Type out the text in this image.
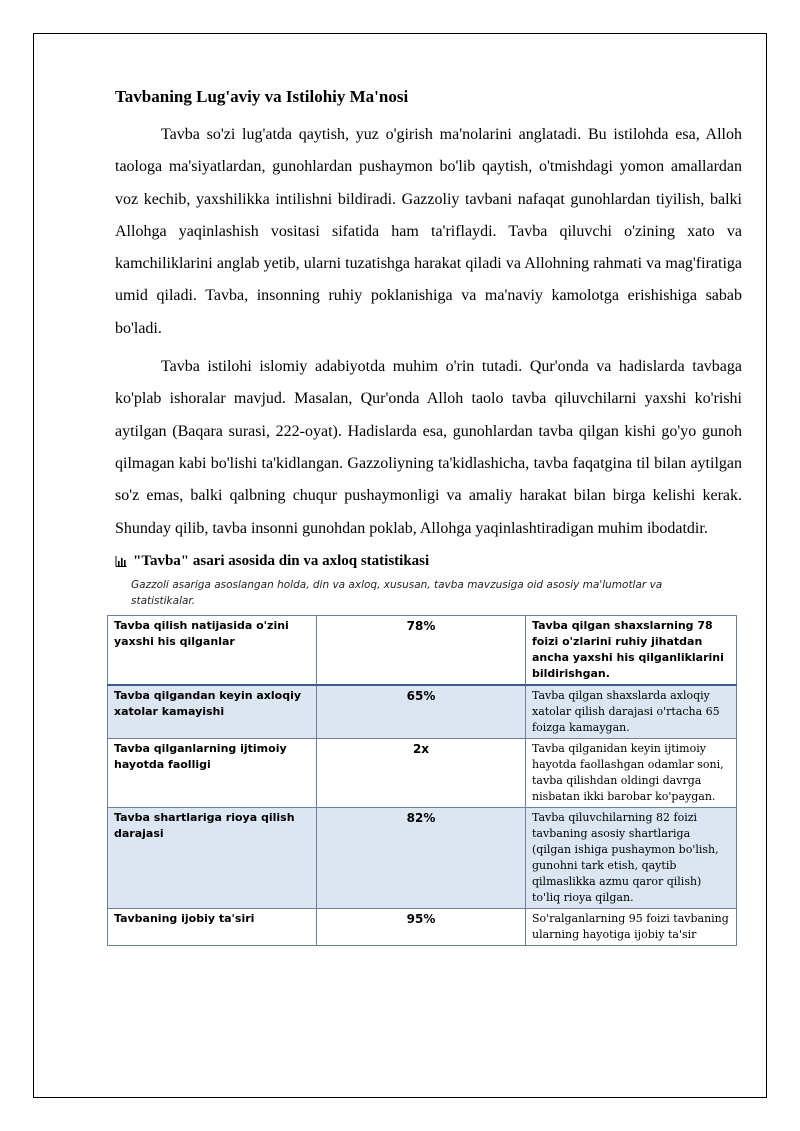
Tavbaning Lug'aviy va Istilohiy Ma'nosi

Tavba so'zi lug'atda qaytish, yuz o'girish ma'nolarini anglatadi. Bu istilohda esa, Alloh taologa ma'siyatlardan, gunohlardan pushaymon bo'lib qaytish, o'tmishdagi yomon amallardan voz kechib, yaxshilikka intilishni bildiradi. Gazzoliy tavbani nafaqat gunohlardan tiyilish, balki Allohga yaqinlashish vositasi sifatida ham ta'riflaydi. Tavba qiluvchi o'zining xato va kamchiliklarini anglab yetib, ularni tuzatishga harakat qiladi va Allohning rahmati va mag'firatiga umid qiladi. Tavba, insonning ruhiy poklanishiga va ma'naviy kamolotga erishishiga sabab bo'ladi.

Tavba istilohi islomiy adabiyotda muhim o'rin tutadi. Qur'onda va hadislarda tavbaga ko'plab ishoralar mavjud. Masalan, Qur'onda Alloh taolo tavba qiluvchilarni yaxshi ko'rishi aytilgan (Baqara surasi, 222-oyat). Hadislarda esa, gunohlardan tavba qilgan kishi go'yo gunoh qilmagan kabi bo'lishi ta'kidlangan. Gazzoliyning ta'kidlashicha, tavba faqatgina til bilan aytilgan so'z emas, balki qalbning chuqur pushaymonligi va amaliy harakat bilan birga kelishi kerak. Shunday qilib, tavba insonni gunohdan poklab, Allohga yaqinlashtiradigan muhim ibodatdir.

"Tavba" asari asosida din va axloq statistikasi
Gazzoli asariga asoslangan holda, din va axloq, xususan, tavba mavzusiga oid asosiy ma'lumotlar va statistikalar.
Tavba qilish natijasida o'zini yaxshi his qilganlar	78%	Tavba qilgan shaxslarning 78 foizi o'zlarini ruhiy jihatdan ancha yaxshi his qilganliklarini bildirishgan.
Tavba qilgandan keyin axloqiy xatolar kamayishi	65%	Tavba qilgan shaxslarda axloqiy xatolar qilish darajasi o'rtacha 65 foizga kamaygan.
Tavba qilganlarning ijtimoiy hayotda faolligi	2x	Tavba qilganidan keyin ijtimoiy hayotda faollashgan odamlar soni, tavba qilishdan oldingi davrga nisbatan ikki barobar ko'paygan.
Tavba shartlariga rioya qilish darajasi	82%	Tavba qiluvchilarning 82 foizi tavbaning asosiy shartlariga (qilgan ishiga pushaymon bo'lish, gunohni tark etish, qaytib qilmaslikka azmu qaror qilish) to'liq rioya qilgan.
Tavbaning ijobiy ta'siri	95%	So'ralganlarning 95 foizi tavbaning ularning hayotiga ijobiy ta'sir
